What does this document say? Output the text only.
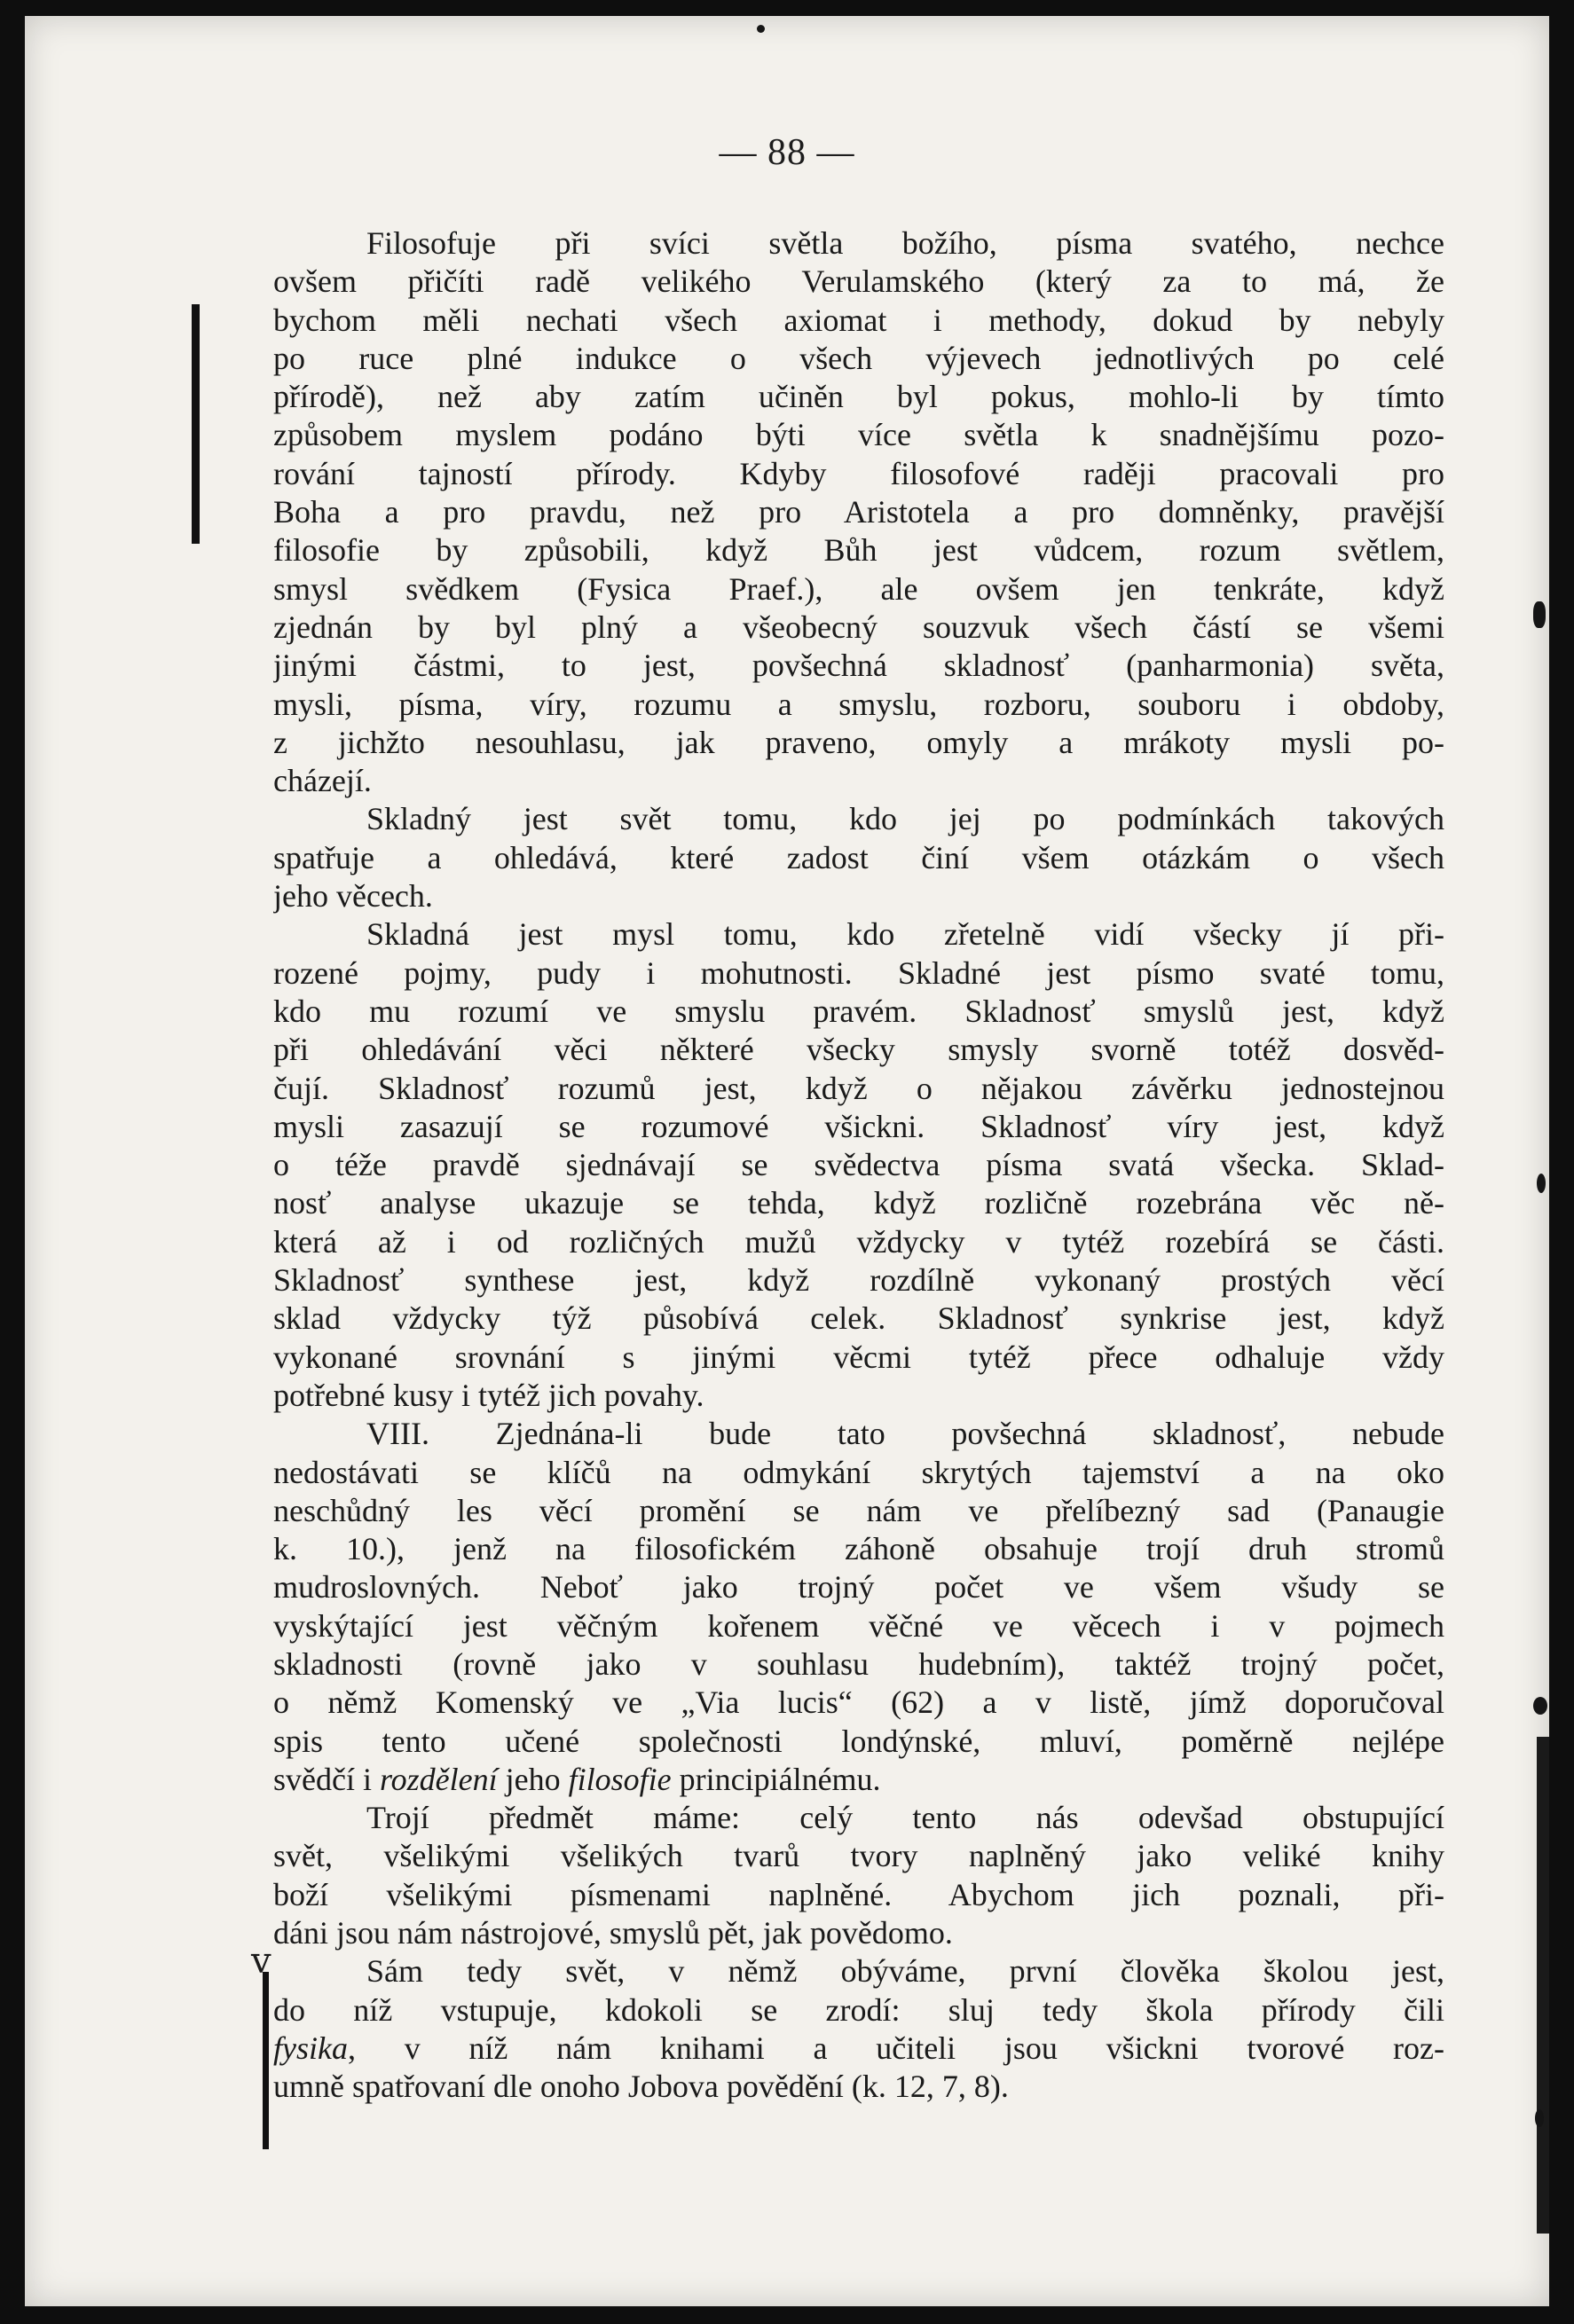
v
— 88 —
Filosofuje při svíci světla božího, písma svatého, nechce
ovšem přičíti radě velikého Verulamského (který za to má, že
bychom měli nechati všech axiomat i methody, dokud by nebyly
po ruce plné indukce o všech výjevech jednotlivých po celé
přírodě), než aby zatím učiněn byl pokus, mohlo-li by tímto
způsobem myslem podáno býti více světla k snadnějšímu pozo-
rování tajností přírody. Kdyby filosofové raději pracovali pro
Boha a pro pravdu, než pro Aristotela a pro domněnky, pravější
filosofie by způsobili, když Bůh jest vůdcem, rozum světlem,
smysl svědkem (Fysica Praef.), ale ovšem jen tenkráte, když
zjednán by byl plný a všeobecný souzvuk všech částí se všemi
jinými částmi, to jest, povšechná skladnosť (panharmonia) světa,
mysli, písma, víry, rozumu a smyslu, rozboru, souboru i obdoby,
z jichžto nesouhlasu, jak praveno, omyly a mrákoty mysli po-
cházejí.
Skladný jest svět tomu, kdo jej po podmínkách takových
spatřuje a ohledává, které zadost činí všem otázkám o všech
jeho věcech.
Skladná jest mysl tomu, kdo zřetelně vidí všecky jí při-
rozené pojmy, pudy i mohutnosti. Skladné jest písmo svaté tomu,
kdo mu rozumí ve smyslu pravém. Skladnosť smyslů jest, když
při ohledávání věci některé všecky smysly svorně totéž dosvěd-
čují. Skladnosť rozumů jest, když o nějakou závěrku jednostejnou
mysli zasazují se rozumové všickni. Skladnosť víry jest, když
o téže pravdě sjednávají se svědectva písma svatá všecka. Sklad-
nosť analyse ukazuje se tehda, když rozličně rozebrána věc ně-
která až i od rozličných mužů vždycky v tytéž rozebírá se části.
Skladnosť synthese jest, když rozdílně vykonaný prostých věcí
sklad vždycky týž působívá celek. Skladnosť synkrise jest, když
vykonané srovnání s jinými věcmi tytéž přece odhaluje vždy
potřebné kusy i tytéž jich povahy.
VIII. Zjednána-li bude tato povšechná skladnosť, nebude
nedostávati se klíčů na odmykání skrytých tajemství a na oko
neschůdný les věcí promění se nám ve přelíbezný sad (Panaugie
k. 10.), jenž na filosofickém záhoně obsahuje trojí druh stromů
mudroslovných. Neboť jako trojný počet ve všem všudy se
vyskýtající jest věčným kořenem věčné ve věcech i v pojmech
skladnosti (rovně jako v souhlasu hudebním), taktéž trojný počet,
o němž Komenský ve „Via lucis“ (62) a v listě, jímž doporučoval
spis tento učené společnosti londýnské, mluví, poměrně nejlépe
svědčí i rozdělení jeho filosofie principiálnému.
Trojí předmět máme: celý tento nás odevšad obstupující
svět, všelikými všelikých tvarů tvory naplněný jako veliké knihy
boží všelikými písmenami naplněné. Abychom jich poznali, při-
dáni jsou nám nástrojové, smyslů pět, jak povědomo.
Sám tedy svět, v němž obýváme, první člověka školou jest,
do níž vstupuje, kdokoli se zrodí: sluj tedy škola přírody čili
fysika, v níž nám knihami a učiteli jsou všickni tvorové roz-
umně spatřovaní dle onoho Jobova povědění (k. 12, 7, 8).
